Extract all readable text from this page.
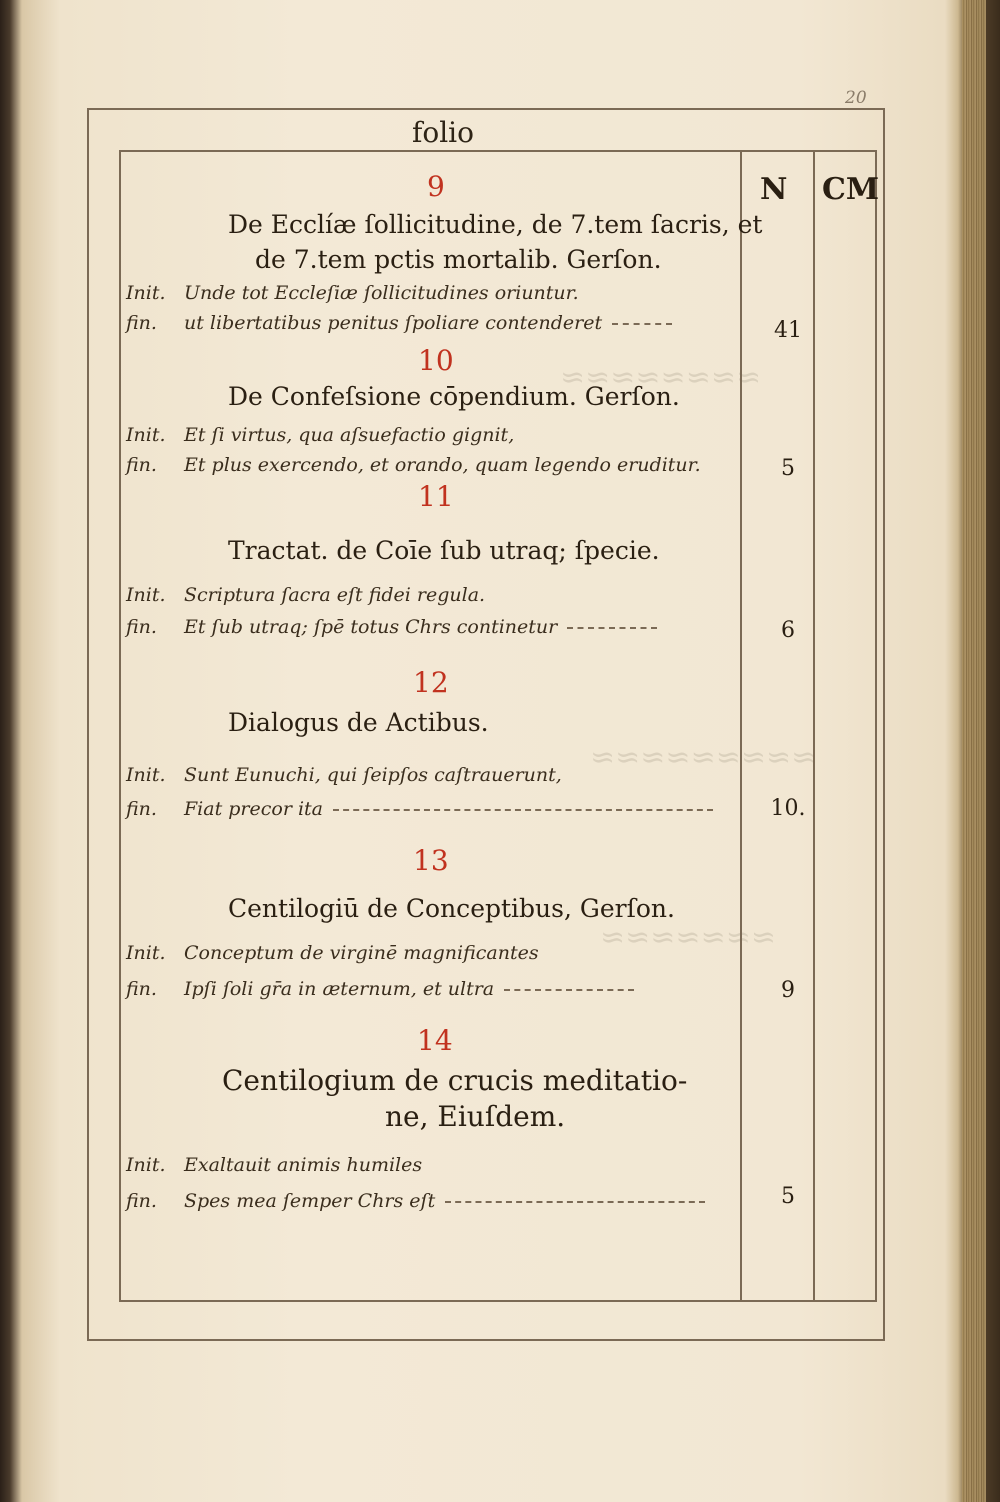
≈≈≈≈≈≈≈≈
≈≈≈≈≈≈≈≈≈
≈≈≈≈≈≈≈
20
folio
N CM
9
De Ecclíæ ſollicitudine, de 7.tem ſacris, et
de 7.tem pctis mortalib. Gerſon.
Init. Unde tot Eccleſiæ ſollicitudines oriuntur.
fin. ut libertatibus penitus ſpoliare contenderet	41
10
De Confeſsione cōpendium. Gerſon.
Init. Et ſi virtus, qua aſsuefactio gignit,
fin. Et plus exercendo, et orando, quam legendo eruditur.	5
11
Tractat. de Coīe ſub utraq; ſpecie.
Init. Scriptura ſacra eſt fidei regula.
fin. Et ſub utraq; ſpē totus Chrs continetur	6
12
Dialogus de Actibus.
Init. Sunt Eunuchi, qui ſeipſos caſtrauerunt,
fin. Fiat precor ita	10.
13
Centilogiū de Conceptibus, Gerſon.
Init. Conceptum de virginē magnificantes
fin. Ipſi ſoli gr̄a in æternum, et ultra	9
14
Centilogium de crucis meditatio-
ne, Eiuſdem.
Init. Exaltauit animis humiles
fin. Spes mea ſemper Chrs eſt	5
